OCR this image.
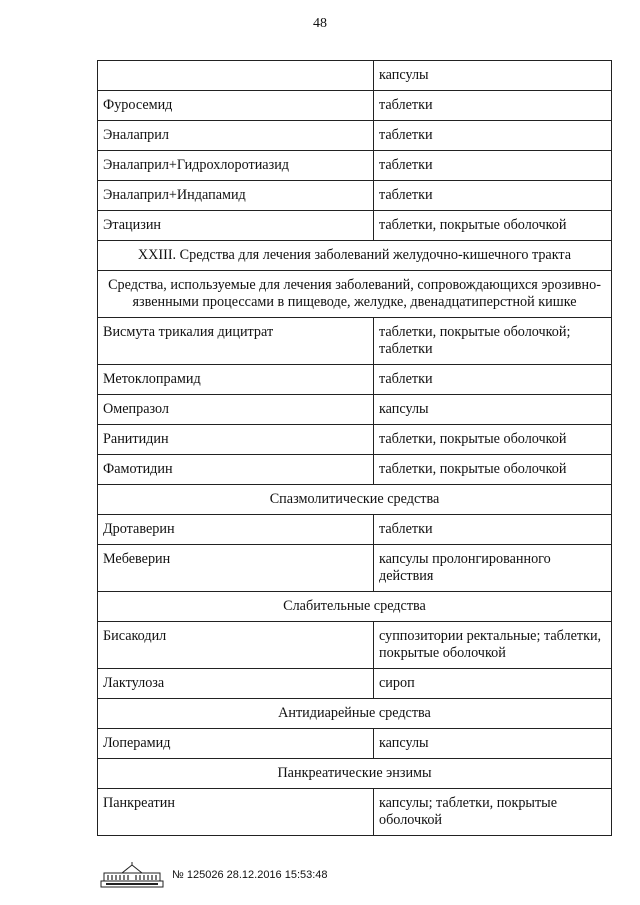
48
	капсулы
Фуросемид	таблетки
Эналаприл	таблетки
Эналаприл+Гидрохлоротиазид	таблетки
Эналаприл+Индапамид	таблетки
Этацизин	таблетки, покрытые оболочкой
XXIII. Средства для лечения заболеваний желудочно-кишечного тракта	
Средства, используемые для лечения заболеваний, сопровождающихся эрозивно-язвенными процессами в пищеводе, желудке, двенадцатиперстной кишке	
Висмута трикалия дицитрат	таблетки, покрытые оболочкой; таблетки
Метоклопрамид	таблетки
Омепразол	капсулы
Ранитидин	таблетки, покрытые оболочкой
Фамотидин	таблетки, покрытые оболочкой
Спазмолитические средства	
Дротаверин	таблетки
Мебеверин	капсулы пролонгированного действия
Слабительные средства	
Бисакодил	суппозитории ректальные; таблетки, покрытые оболочкой
Лактулоза	сироп
Антидиарейные средства	
Лоперамид	капсулы
Панкреатические энзимы	
Панкреатин	капсулы; таблетки, покрытые оболочкой
№ 125026 28.12.2016 15:53:48
